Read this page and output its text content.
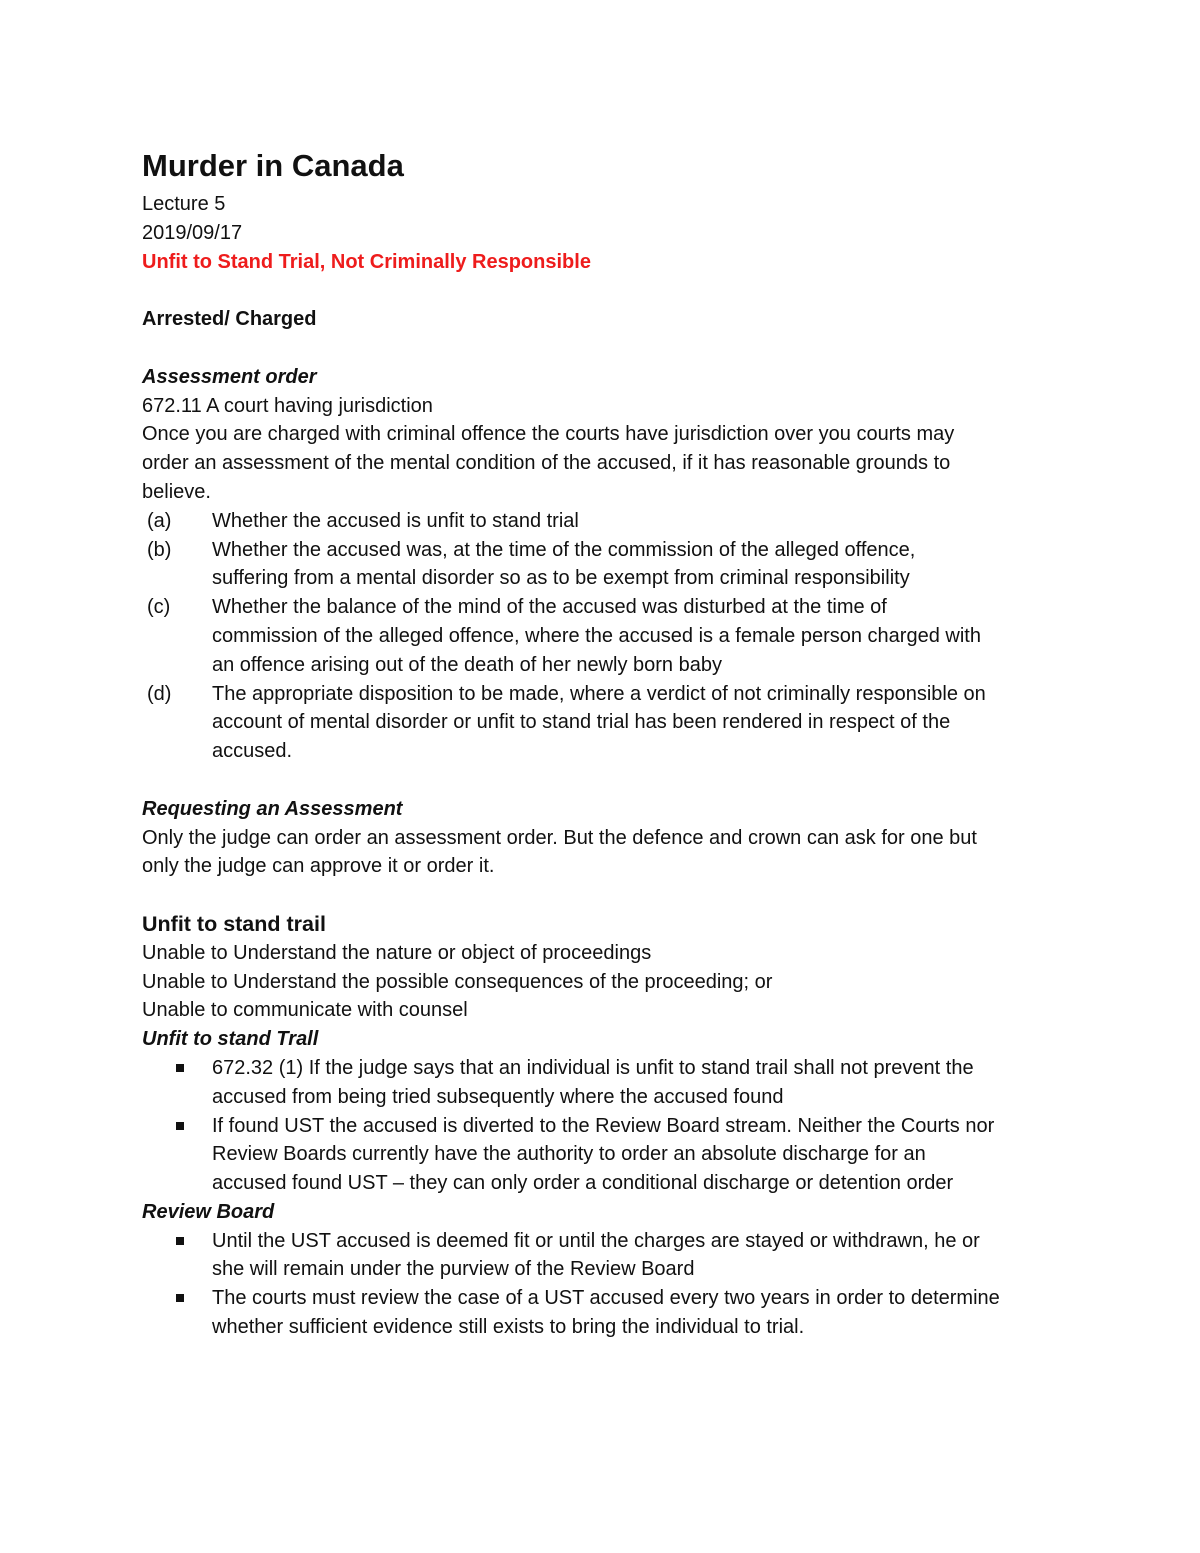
Murder in Canada

Lecture 5

2019/09/17

Unfit to Stand Trial, Not Criminally Responsible

Arrested/ Charged

Assessment order

672.11 A court having jurisdiction

Once you are charged with criminal offence the courts have jurisdiction over you courts may

order an assessment of the mental condition of the accused, if it has reasonable grounds to

believe.

(a) Whether the accused is unfit to stand trial
(b) Whether the accused was, at the time of the commission of the alleged offence,
suffering from a mental disorder so as to be exempt from criminal responsibility
(c) Whether the balance of the mind of the accused was disturbed at the time of
commission of the alleged offence, where the accused is a female person charged with
an offence arising out of the death of her newly born baby
(d) The appropriate disposition to be made, where a verdict of not criminally responsible on
account of mental disorder or unfit to stand trial has been rendered in respect of the
accused.

Requesting an Assessment

Only the judge can order an assessment order. But the defence and crown can ask for one but

only the judge can approve it or order it.

Unfit to stand trail

Unable to Understand the nature or object of proceedings

Unable to Understand the possible consequences of the proceeding; or

Unable to communicate with counsel

Unfit to stand Trall

672.32 (1) If the judge says that an individual is unfit to stand trail shall not prevent the
accused from being tried subsequently where the accused found
If found UST the accused is diverted to the Review Board stream. Neither the Courts nor
Review Boards currently have the authority to order an absolute discharge for an
accused found UST – they can only order a conditional discharge or detention order

Review Board

Until the UST accused is deemed fit or until the charges are stayed or withdrawn, he or
she will remain under the purview of the Review Board
The courts must review the case of a UST accused every two years in order to determine
whether sufficient evidence still exists to bring the individual to trial.
